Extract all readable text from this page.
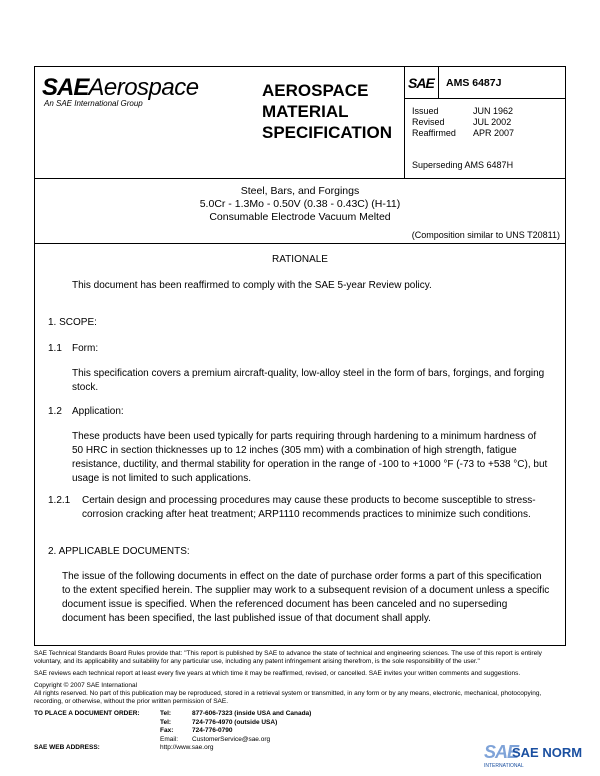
SAEAerospace
An SAE International Group
AEROSPACE
MATERIAL
SPECIFICATION
SAE AMS 6487J
Issued	JUN 1962
Revised	JUL 2002
Reaffirmed APR 2007
Superseding AMS 6487H
Steel, Bars, and Forgings
5.0Cr - 1.3Mo - 0.50V (0.38 - 0.43C) (H-11)
Consumable Electrode Vacuum Melted
(Composition similar to UNS T20811)
RATIONALE
This document has been reaffirmed to comply with the SAE 5-year Review policy.
1. SCOPE:
1.1 Form:
This specification covers a premium aircraft-quality, low-alloy steel in the form of bars, forgings, and forging stock.
1.2 Application:
These products have been used typically for parts requiring through hardening to a minimum hardness of 50 HRC in section thicknesses up to 12 inches (305 mm) with a combination of high strength, fatigue resistance, ductility, and thermal stability for operation in the range of -100 to +1000 °F (-73 to +538 °C), but usage is not limited to such applications.
1.2.1 Certain design and processing procedures may cause these products to become susceptible to stress-corrosion cracking after heat treatment; ARP1110 recommends practices to minimize such conditions.
2. APPLICABLE DOCUMENTS:
The issue of the following documents in effect on the date of purchase order forms a part of this specification to the extent specified herein. The supplier may work to a subsequent revision of a document unless a specific document issue is specified. When the referenced document has been canceled and no superseding document has been specified, the last published issue of that document shall apply.
SAE Technical Standards Board Rules provide that: "This report is published by SAE to advance the state of technical and engineering sciences. The use of this report is entirely voluntary, and its applicability and suitability for any particular use, including any patent infringement arising therefrom, is the sole responsibility of the user."
SAE reviews each technical report at least every five years at which time it may be reaffirmed, revised, or cancelled. SAE invites your written comments and suggestions.
Copyright © 2007 SAE International
All rights reserved. No part of this publication may be reproduced, stored in a retrieval system or transmitted, in any form or by any means, electronic, mechanical, photocopying, recording, or otherwise, without the prior written permission of SAE.
TO PLACE A DOCUMENT ORDER:	Tel:	877-606-7323 (inside USA and Canada)
Tel:	724-776-4970 (outside USA)
Fax:	724-776-0790
Email: CustomerService@sae.org
SAE WEB ADDRESS:	http://www.sae.org	SAE
SAE NORM
INTERNATIONAL
